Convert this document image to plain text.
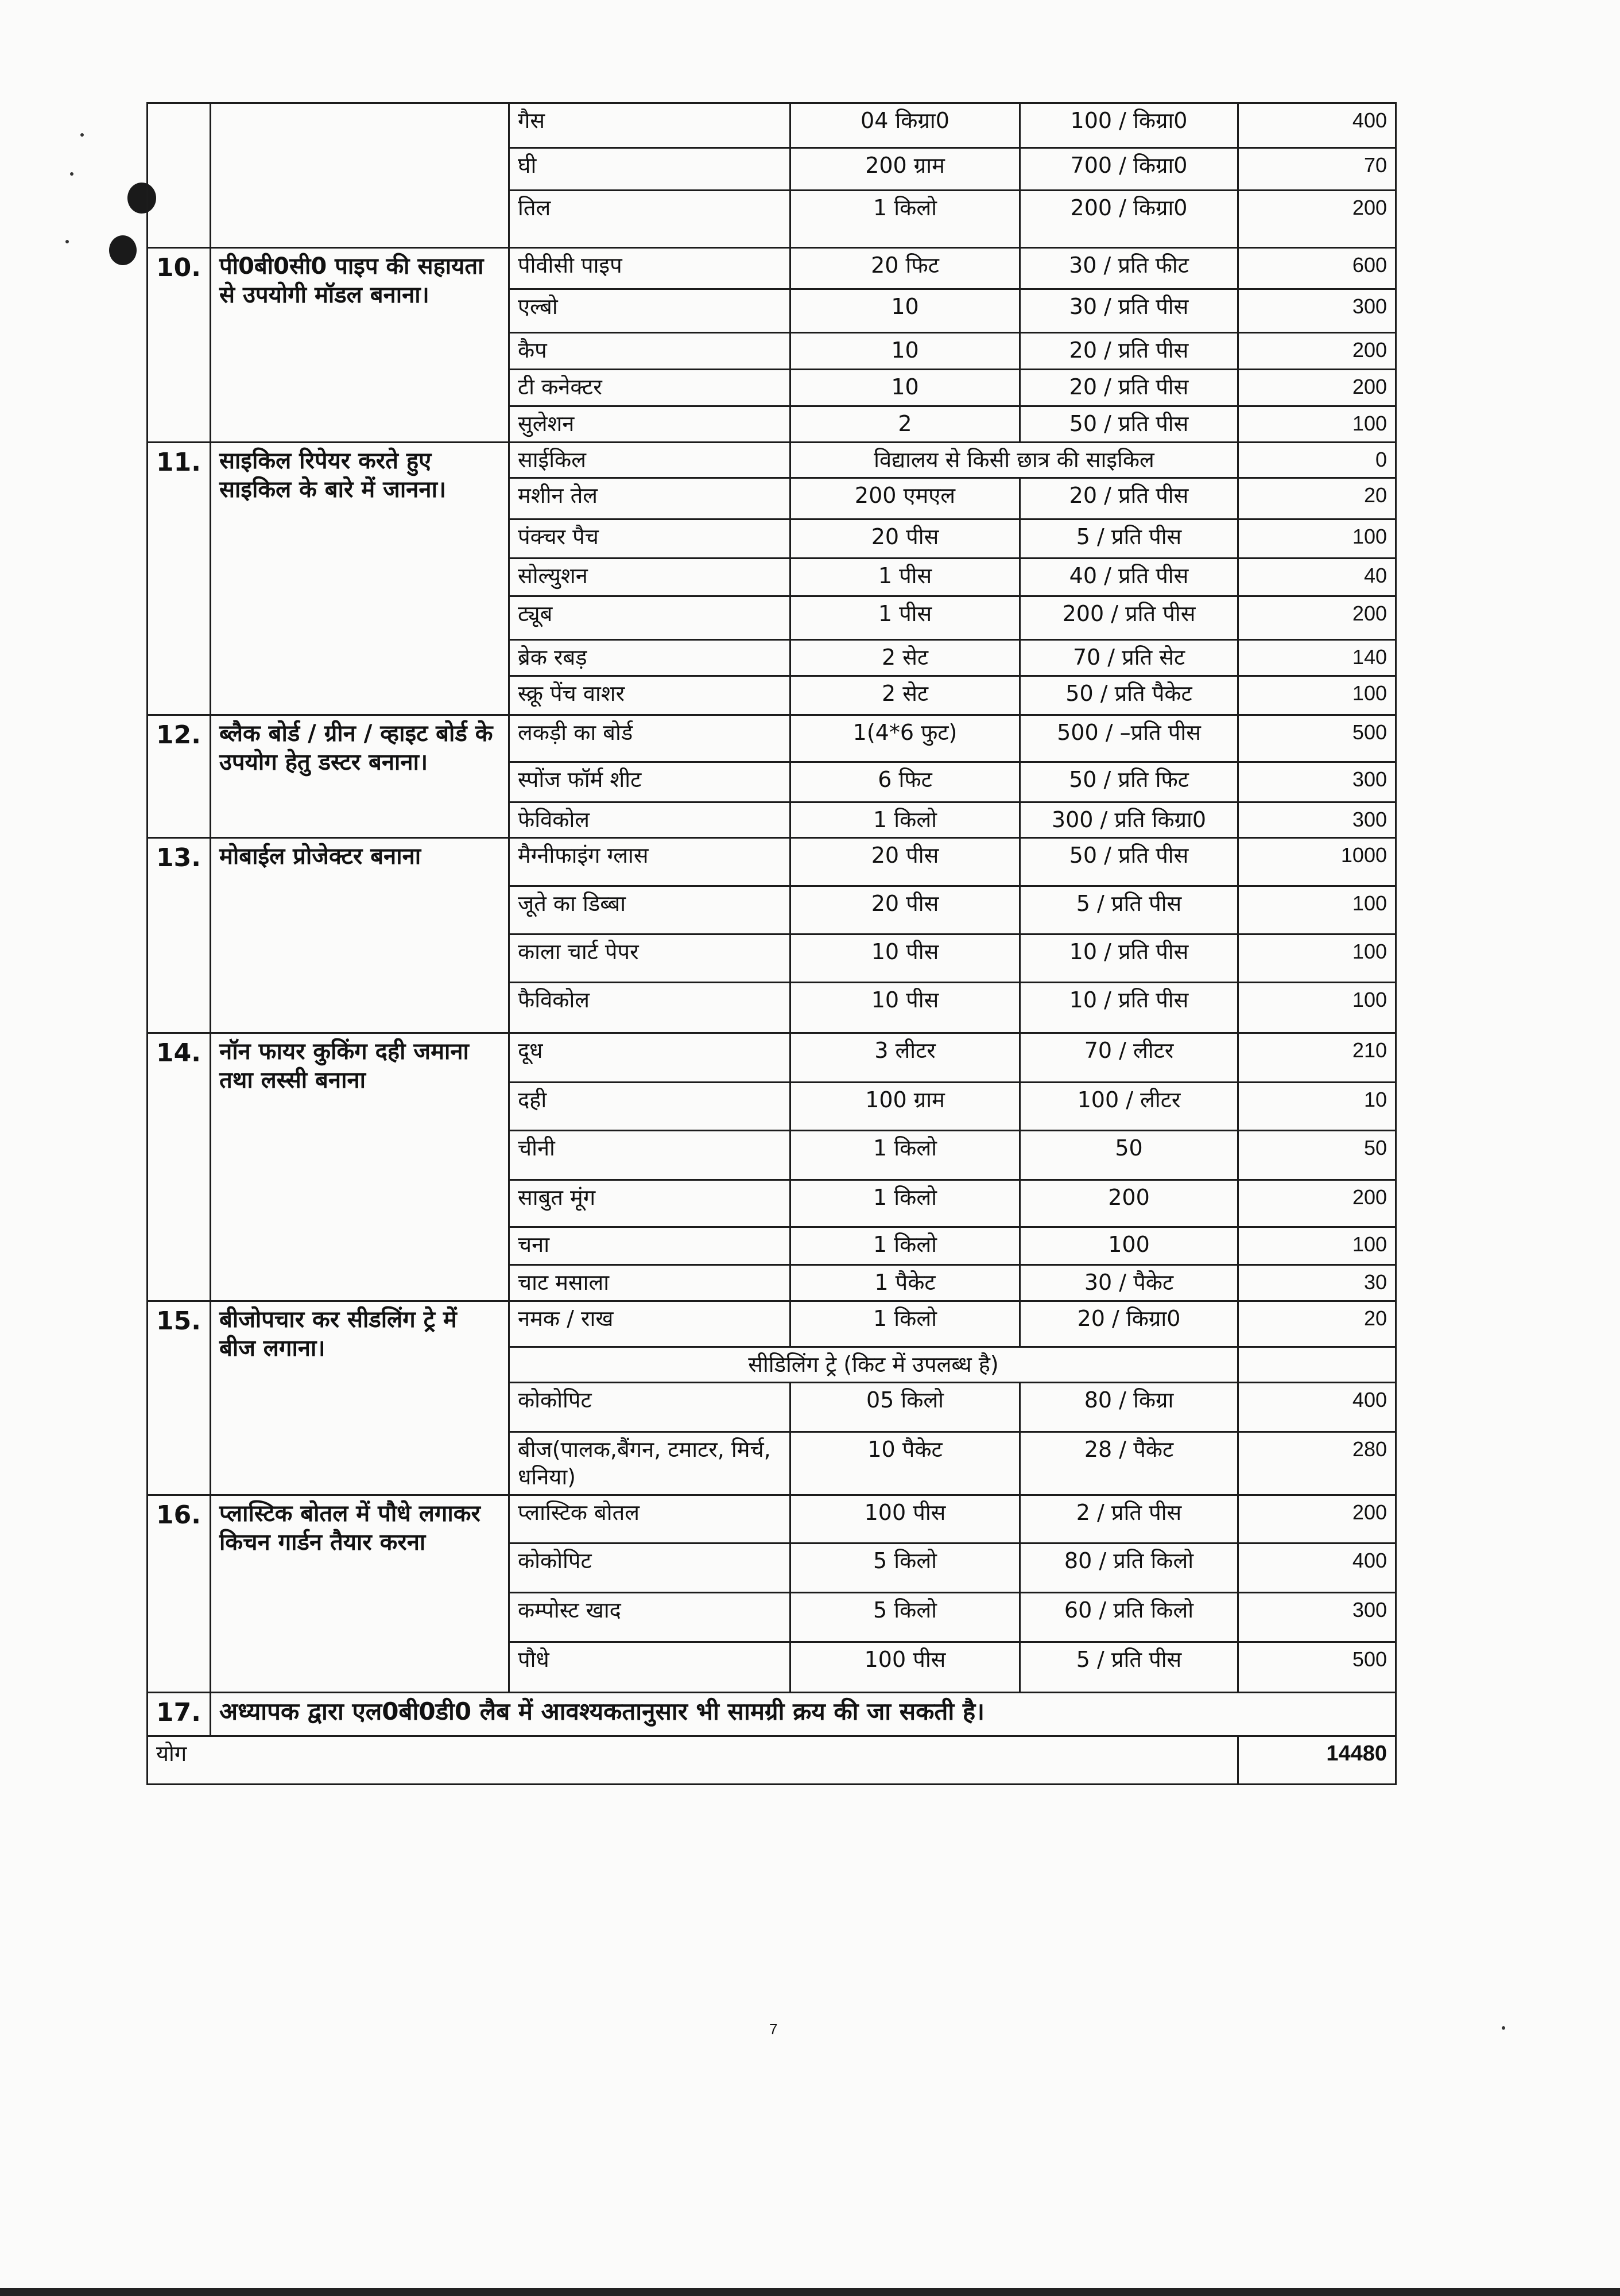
		गैस	04 किग्रा0	100 / किग्रा0	400
		घी	200 ग्राम	700 / किग्रा0	70
		तिल	1 किलो	200 / किग्रा0	200
10.	पी0बी0सी0 पाइप की सहायता से उपयोगी मॉडल बनाना।	पीवीसी पाइप	20 फिट	30 / प्रति फीट	600
		एल्बो	10	30 / प्रति पीस	300
		कैप	10	20 / प्रति पीस	200
		टी कनेक्टर	10	20 / प्रति पीस	200
		सुलेशन	2	50 / प्रति पीस	100
11.	साइकिल रिपेयर करते हुए साइकिल के बारे में जानना।	साईकिल	विद्यालय से किसी छात्र की साइकिल		0
		मशीन तेल	200 एमएल	20 / प्रति पीस	20
		पंक्चर पैच	20 पीस	5 / प्रति पीस	100
		सोल्युशन	1 पीस	40 / प्रति पीस	40
		ट्यूब	1 पीस	200 / प्रति पीस	200
		ब्रेक रबड़	2 सेट	70 / प्रति सेट	140
		स्क्रू पेंच वाशर	2 सेट	50 / प्रति पैकेट	100
12.	ब्लैक बोर्ड / ग्रीन / व्हाइट बोर्ड के उपयोग हेतु डस्टर बनाना।	लकड़ी का बोर्ड	1(4*6 फुट)	500 / –प्रति पीस	500
		स्पोंज फॉर्म शीट	6 फिट	50 / प्रति फिट	300
		फेविकोल	1 किलो	300 / प्रति किग्रा0	300
13.	मोबाईल प्रोजेक्टर बनाना	मैग्नीफाइंग ग्लास	20 पीस	50 / प्रति पीस	1000
		जूते का डिब्बा	20 पीस	5 / प्रति पीस	100
		काला चार्ट पेपर	10 पीस	10 / प्रति पीस	100
		फैविकोल	10 पीस	10 / प्रति पीस	100
14.	नॉन फायर कुकिंग दही जमाना तथा लस्सी बनाना	दूध	3 लीटर	70 / लीटर	210
		दही	100 ग्राम	100 / लीटर	10
		चीनी	1 किलो	50	50
		साबुत मूंग	1 किलो	200	200
		चना	1 किलो	100	100
		चाट मसाला	1 पैकेट	30 / पैकेट	30
15.	बीजोपचार कर सीडलिंग ट्रे में बीज लगाना।	नमक / राख	1 किलो	20 / किग्रा0	20
		सीडिलिंग ट्रे (किट में उपलब्ध है)			
		कोकोपिट	05 किलो	80 / किग्रा	400
		बीज(पालक,बैंगन, टमाटर, मिर्च, धनिया)	10 पैकेट	28 / पैकेट	280
16.	प्लास्टिक बोतल में पौधे लगाकर किचन गार्डन तैयार करना	प्लास्टिक बोतल	100 पीस	2 / प्रति पीस	200
		कोकोपिट	5 किलो	80 / प्रति किलो	400
		कम्पोस्ट खाद	5 किलो	60 / प्रति किलो	300
		पौधे	100 पीस	5 / प्रति पीस	500
17.	अध्यापक द्वारा एल0बी0डी0 लैब में आवश्यकतानुसार भी सामग्री क्रय की जा सकती है।				
योग					14480
7
